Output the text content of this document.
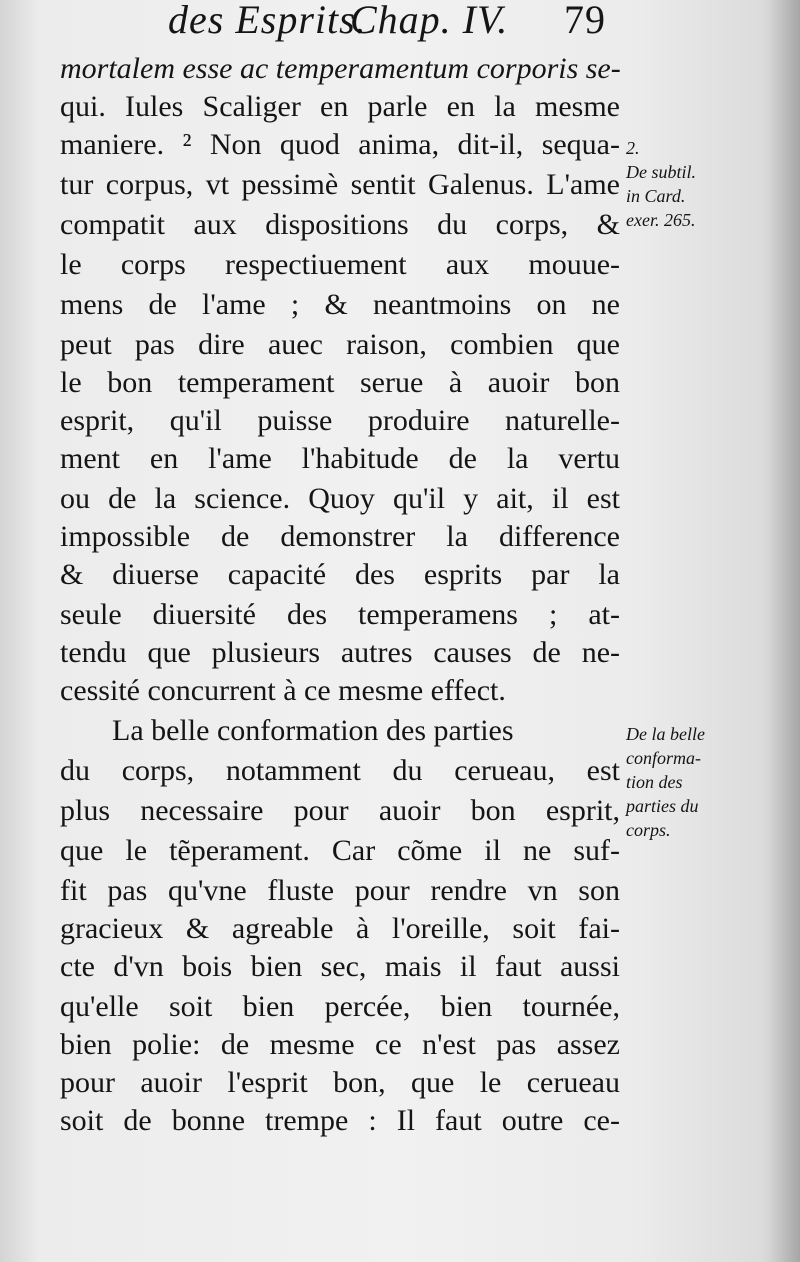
des Esprits.
Chap. IV. 79
mortalem esse ac temperamentum corporis se-
qui. Iules Scaliger en parle en la mesme
maniere. ² Non quod anima, dit-il, sequa-
tur corpus, vt pessimè sentit Galenus. L'ame
compatit aux dispositions du corps, &
le corps respectiuement aux mouue-
mens de l'ame ; & neantmoins on ne
peut pas dire auec raison, combien que
le bon temperament serue à auoir bon
esprit, qu'il puisse produire naturelle-
ment en l'ame l'habitude de la vertu
ou de la science. Quoy qu'il y ait, il est
impossible de demonstrer la difference
& diuerse capacité des esprits par la
seule diuersité des temperamens ; at-
tendu que plusieurs autres causes de ne-
cessité concurrent à ce mesme effect.
La belle conformation des parties
du corps, notamment du cerueau, est
plus necessaire pour auoir bon esprit,
que le tẽperament. Car cõme il ne suf-
fit pas qu'vne fluste pour rendre vn son
gracieux & agreable à l'oreille, soit fai-
cte d'vn bois bien sec, mais il faut aussi
qu'elle soit bien percée, bien tournée,
bien polie: de mesme ce n'est pas assez
pour auoir l'esprit bon, que le cerueau
soit de bonne trempe : Il faut outre ce-
2.
De subtil.
in Card.
exer. 265.
De la belle
conforma-
tion des
parties du
corps.
